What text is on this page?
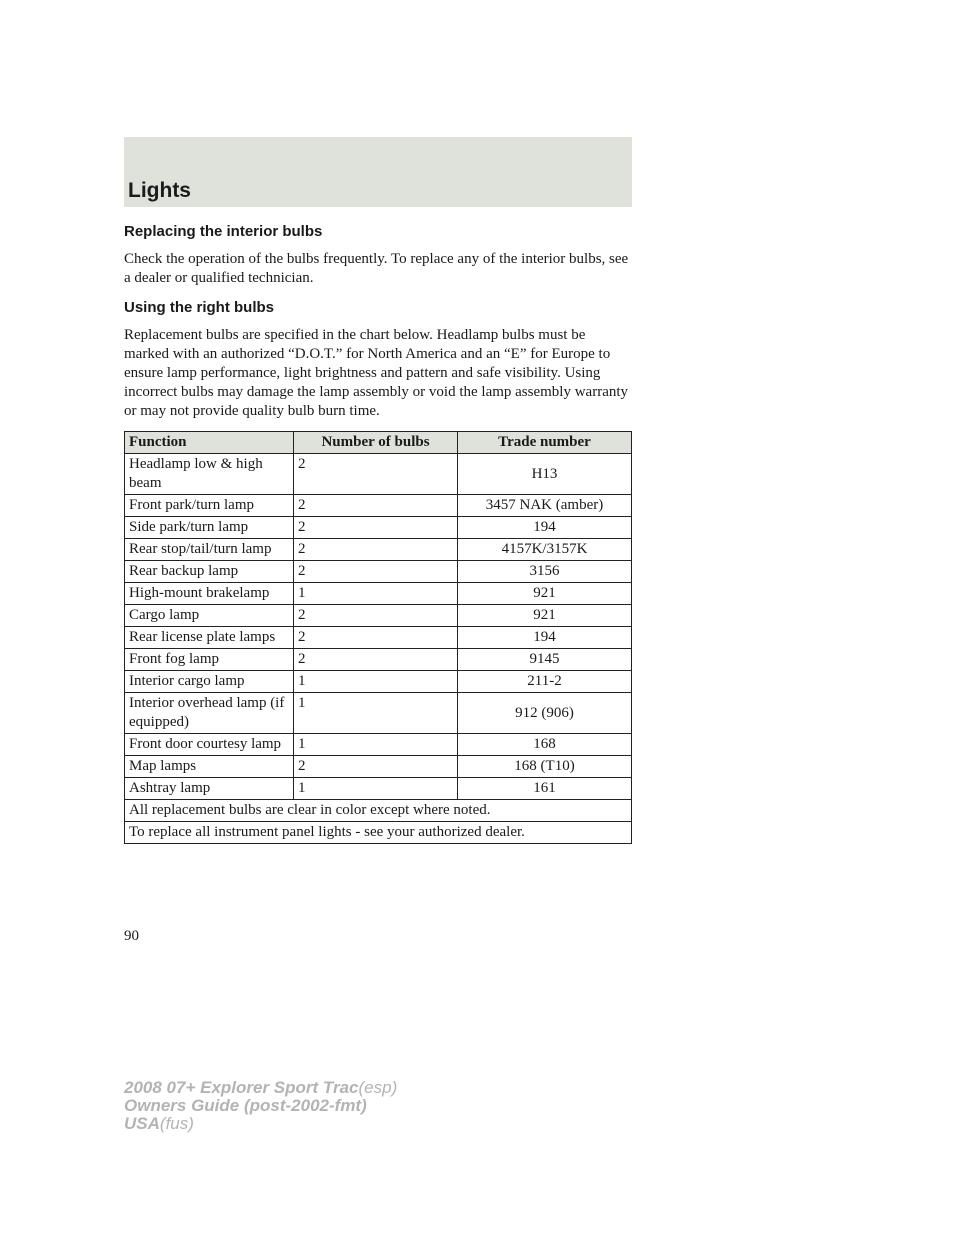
Lights
Replacing the interior bulbs

Check the operation of the bulbs frequently. To replace any of the interior bulbs, see a dealer or qualified technician.

Using the right bulbs

Replacement bulbs are specified in the chart below. Headlamp bulbs must be marked with an authorized “D.O.T.” for North America and an “E” for Europe to ensure lamp performance, light brightness and pattern and safe visibility. Using incorrect bulbs may damage the lamp assembly or void the lamp assembly warranty or may not provide quality bulb burn time.

Function	Number of bulbs	Trade number
Headlamp low & high beam	2	H13
Front park/turn lamp	2	3457 NAK (amber)
Side park/turn lamp	2	194
Rear stop/tail/turn lamp	2	4157K/3157K
Rear backup lamp	2	3156
High-mount brakelamp	1	921
Cargo lamp	2	921
Rear license plate lamps	2	194
Front fog lamp	2	9145
Interior cargo lamp	1	211-2
Interior overhead lamp (if equipped)	1	912 (906)
Front door courtesy lamp	1	168
Map lamps	2	168 (T10)
Ashtray lamp	1	161
All replacement bulbs are clear in color except where noted.		
To replace all instrument panel lights - see your authorized dealer.		

90

2008 07+ Explorer Sport Trac(esp)
Owners Guide (post-2002-fmt)
USA(fus)
